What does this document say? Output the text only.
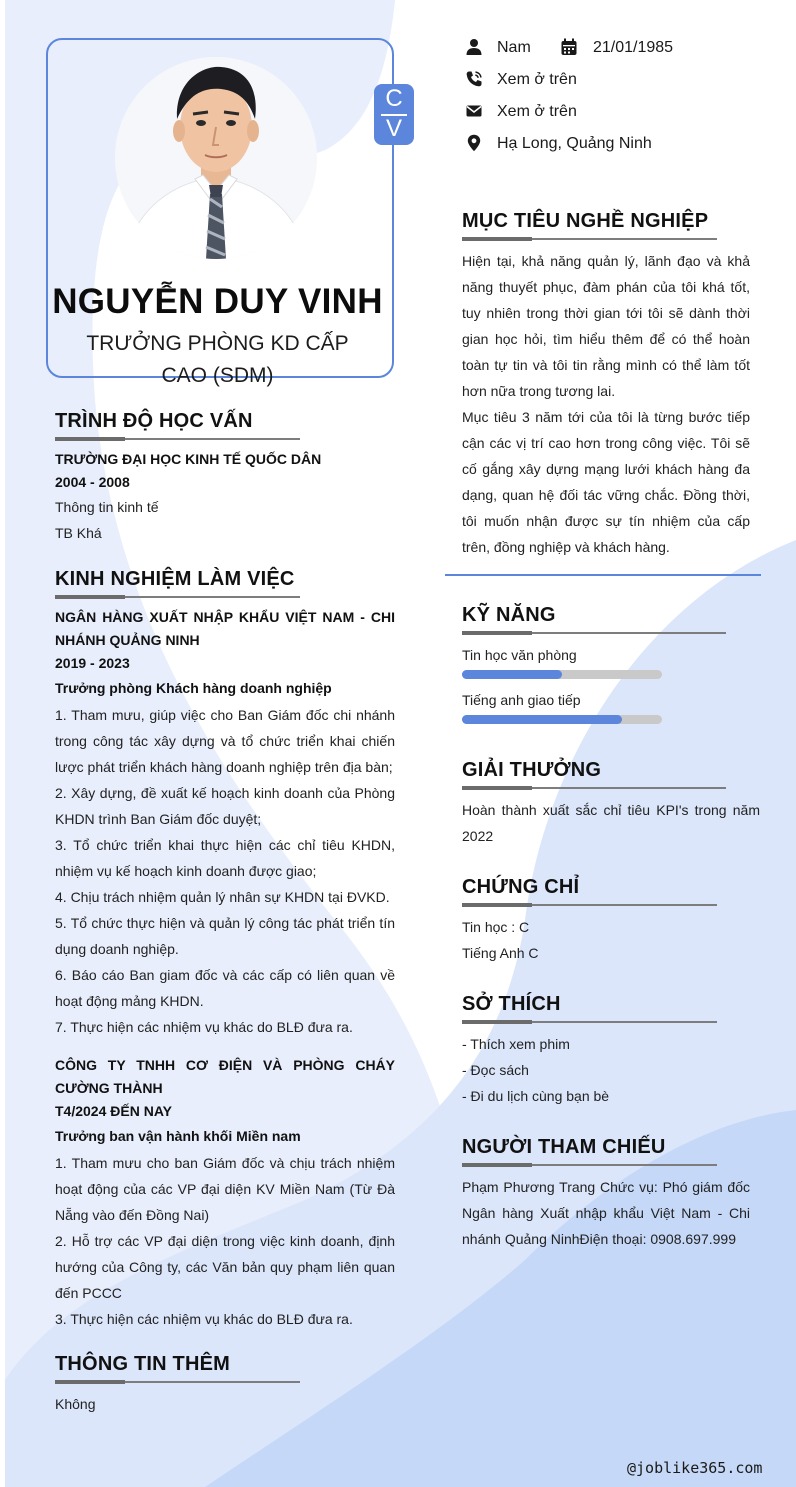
C
V
NGUYỄN DUY VINH
TRƯỞNG PHÒNG KD CẤP CAO (SDM)
Nam	21/01/1985
Xem ở trên
Xem ở trên
Hạ Long, Quảng Ninh
TRÌNH ĐỘ HỌC VẤN
TRƯỜNG ĐẠI HỌC KINH TẾ QUỐC DÂN
2004 - 2008
Thông tin kinh tế
TB Khá
KINH NGHIỆM LÀM VIỆC
NGÂN HÀNG XUẤT NHẬP KHẨU VIỆT NAM - CHI NHÁNH QUẢNG NINH
2019 - 2023
Trưởng phòng Khách hàng doanh nghiệp
1. Tham mưu, giúp việc cho Ban Giám đốc chi nhánh trong công tác xây dựng và tổ chức triển khai chiến lược phát triển khách hàng doanh nghiệp trên địa bàn;
2. Xây dựng, đề xuất kế hoạch kinh doanh của Phòng KHDN trình Ban Giám đốc duyệt;
3. Tổ chức triển khai thực hiện các chỉ tiêu KHDN, nhiệm vụ kế hoạch kinh doanh được giao;
4. Chịu trách nhiệm quản lý nhân sự KHDN tại ĐVKD.
5. Tổ chức thực hiện và quản lý công tác phát triển tín dụng doanh nghiệp.
6. Báo cáo Ban giam đốc và các cấp có liên quan về hoạt động mảng KHDN.
7. Thực hiện các nhiệm vụ khác do BLĐ đưa ra.
CÔNG TY TNHH CƠ ĐIỆN VÀ PHÒNG CHÁY CƯỜNG THÀNH
T4/2024 ĐẾN NAY
Trưởng ban vận hành khối Miền nam
1. Tham mưu cho ban Giám đốc và chịu trách nhiệm hoạt động của các VP đại diện KV Miền Nam (Từ Đà Nẵng vào đến Đồng Nai)
2. Hỗ trợ các VP đại diện trong việc kinh doanh, định hướng của Công ty, các Văn bản quy phạm liên quan đến PCCC
3. Thực hiện các nhiệm vụ khác do BLĐ đưa ra.
THÔNG TIN THÊM
Không
MỤC TIÊU NGHỀ NGHIỆP
Hiện tại, khả năng quản lý, lãnh đạo và khả năng thuyết phục, đàm phán của tôi khá tốt, tuy nhiên trong thời gian tới tôi sẽ dành thời gian học hỏi, tìm hiểu thêm để có thể hoàn toàn tự tin và tôi tin rằng mình có thể làm tốt hơn nữa trong tương lai.
Mục tiêu 3 năm tới của tôi là từng bước tiếp cận các vị trí cao hơn trong công việc. Tôi sẽ cố gắng xây dựng mạng lưới khách hàng đa dạng, quan hệ đối tác vững chắc. Đồng thời, tôi muốn nhận được sự tín nhiệm của cấp trên, đồng nghiệp và khách hàng.
KỸ NĂNG
Tin học văn phòng
Tiếng anh giao tiếp
GIẢI THƯỞNG
Hoàn thành xuất sắc chỉ tiêu KPI's trong năm 2022
CHỨNG CHỈ
Tin học : C
Tiếng Anh C
SỞ THÍCH
- Thích xem phim
- Đọc sách
- Đi du lịch cùng bạn bè
NGƯỜI THAM CHIẾU
Phạm Phương Trang Chức vụ: Phó giám đốc Ngân hàng Xuất nhập khẩu Việt Nam - Chi nhánh Quảng NinhĐiện thoại: 0908.697.999
@joblike365.com
